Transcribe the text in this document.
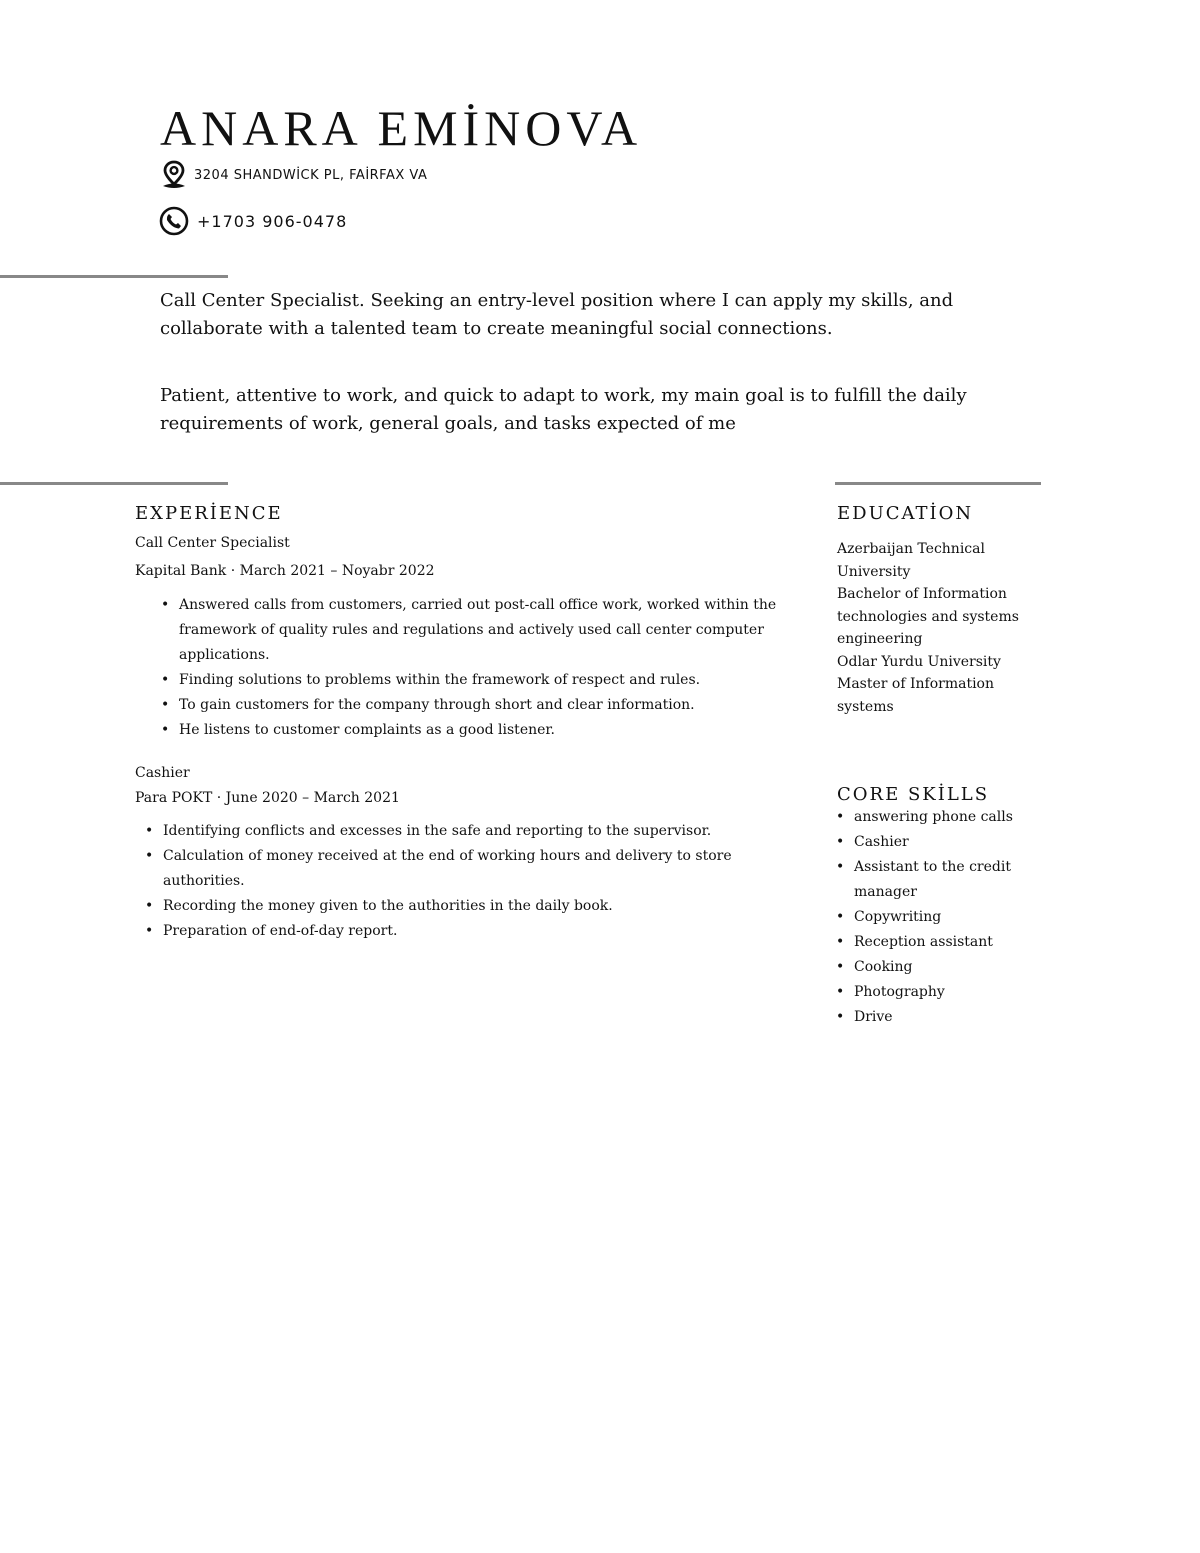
ANARA EMİNOVA
3204 SHANDWİCK PL, FAİRFAX VA
+1703 906-0478

Call Center Specialist. Seeking an entry-level position where I can apply my skills, and collaborate with a talented team to create meaningful social connections.

Patient, attentive to work, and quick to adapt to work, my main goal is to fulfill the daily requirements of work, general goals, and tasks expected of me

EXPERİENCE

Call Center Specialist

Kapital Bank · March 2021 – Noyabr 2022

• Answered calls from customers, carried out post-call office work, worked within the framework of quality rules and regulations and actively used call center computer applications.
• Finding solutions to problems within the framework of respect and rules.
• To gain customers for the company through short and clear information.
• He listens to customer complaints as a good listener.

Cashier

Para POKT · June 2020 – March 2021

• Identifying conflicts and excesses in the safe and reporting to the supervisor.
• Calculation of money received at the end of working hours and delivery to store authorities.
• Recording the money given to the authorities in the daily book.
• Preparation of end-of-day report.
EDUCATİON

Azerbaijan Technical University

Bachelor of Information technologies and systems engineering

Odlar Yurdu University

Master of Information systems

CORE SKİLLS
• answering phone calls
• Cashier
• Assistant to the credit manager
• Copywriting
• Reception assistant
• Cooking
• Photography
• Drive
